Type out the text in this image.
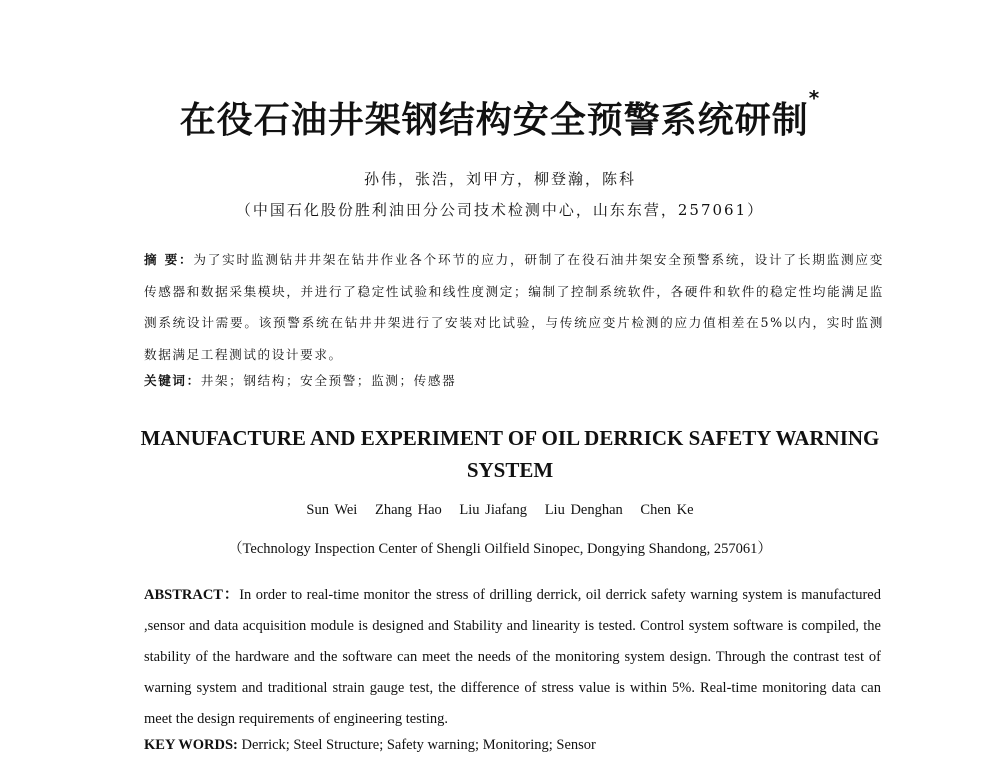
在役石油井架钢结构安全预警系统研制*
孙伟，张浩，刘甲方，柳登瀚，陈科
（中国石化股份胜利油田分公司技术检测中心，山东东营，257061）
摘 要：为了实时监测钻井井架在钻井作业各个环节的应力，研制了在役石油井架安全预警系统，设计了长期监测应变传感器和数据采集模块，并进行了稳定性试验和线性度测定；编制了控制系统软件，各硬件和软件的稳定性均能满足监测系统设计需要。该预警系统在钻井井架进行了安装对比试验，与传统应变片检测的应力值相差在5%以内，实时监测数据满足工程测试的设计要求。
关键词：井架；钢结构；安全预警；监测；传感器
MANUFACTURE AND EXPERIMENT OF OIL DERRICK SAFETY WARNING SYSTEM
Sun Wei Zhang Hao Liu Jiafang Liu Denghan Chen Ke
（Technology Inspection Center of Shengli Oilfield Sinopec, Dongying Shandong, 257061）
ABSTRACT：In order to real-time monitor the stress of drilling derrick, oil derrick safety warning system is manufactured ,sensor and data acquisition module is designed and Stability and linearity is tested. Control system software is compiled, the stability of the hardware and the software can meet the needs of the monitoring system design. Through the contrast test of warning system and traditional strain gauge test, the difference of stress value is within 5%. Real-time monitoring data can meet the design requirements of engineering testing.
KEY WORDS: Derrick; Steel Structure; Safety warning; Monitoring; Sensor
